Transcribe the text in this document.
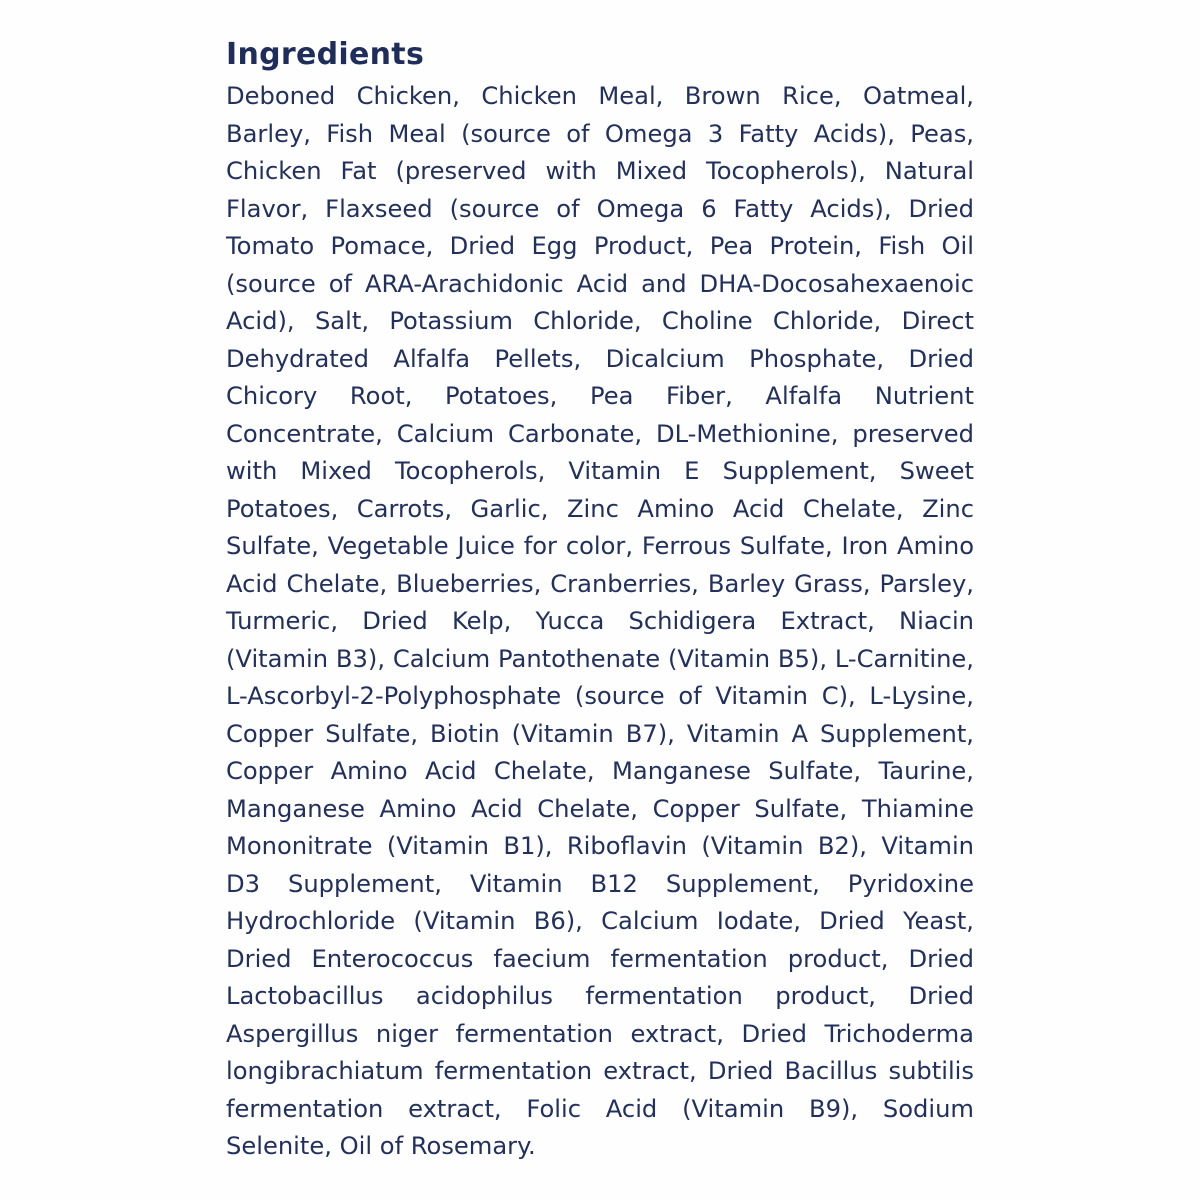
Ingredients

Deboned Chicken, Chicken Meal, Brown Rice, Oatmeal, Barley, Fish Meal (source of Omega 3 Fatty Acids), Peas, Chicken Fat (preserved with Mixed Tocopherols), Natural Flavor, Flaxseed (source of Omega 6 Fatty Acids), Dried Tomato Pomace, Dried Egg Product, Pea Protein, Fish Oil (source of ARA-Arachidonic Acid and DHA-Docosahexaenoic Acid), Salt, Potassium Chloride, Choline Chloride, Direct Dehydrated Alfalfa Pellets, Dicalcium Phosphate, Dried Chicory Root, Potatoes, Pea Fiber, Alfalfa Nutrient Concentrate, Calcium Carbonate, DL-Methionine, preserved with Mixed Tocopherols, Vitamin E Supplement, Sweet Potatoes, Carrots, Garlic, Zinc Amino Acid Chelate, Zinc Sulfate, Vegetable Juice for color, Ferrous Sulfate, Iron Amino Acid Chelate, Blueberries, Cranberries, Barley Grass, Parsley, Turmeric, Dried Kelp, Yucca Schidigera Extract, Niacin (Vitamin B3), Calcium Pantothenate (Vitamin B5), L-Carnitine, L-Ascorbyl-2-Polyphosphate (source of Vitamin C), L-Lysine, Copper Sulfate, Biotin (Vitamin B7), Vitamin A Supplement, Copper Amino Acid Chelate, Manganese Sulfate, Taurine, Manganese Amino Acid Chelate, Copper Sulfate, Thiamine Mononitrate (Vitamin B1), Riboflavin (Vitamin B2), Vitamin D3 Supplement, Vitamin B12 Supplement, Pyridoxine Hydrochloride (Vitamin B6), Calcium Iodate, Dried Yeast, Dried Enterococcus faecium fermentation product, Dried Lactobacillus acidophilus fermentation product, Dried Aspergillus niger fermentation extract, Dried Trichoderma longibrachiatum fermentation extract, Dried Bacillus subtilis fermentation extract, Folic Acid (Vitamin B9), Sodium Selenite, Oil of Rosemary.
